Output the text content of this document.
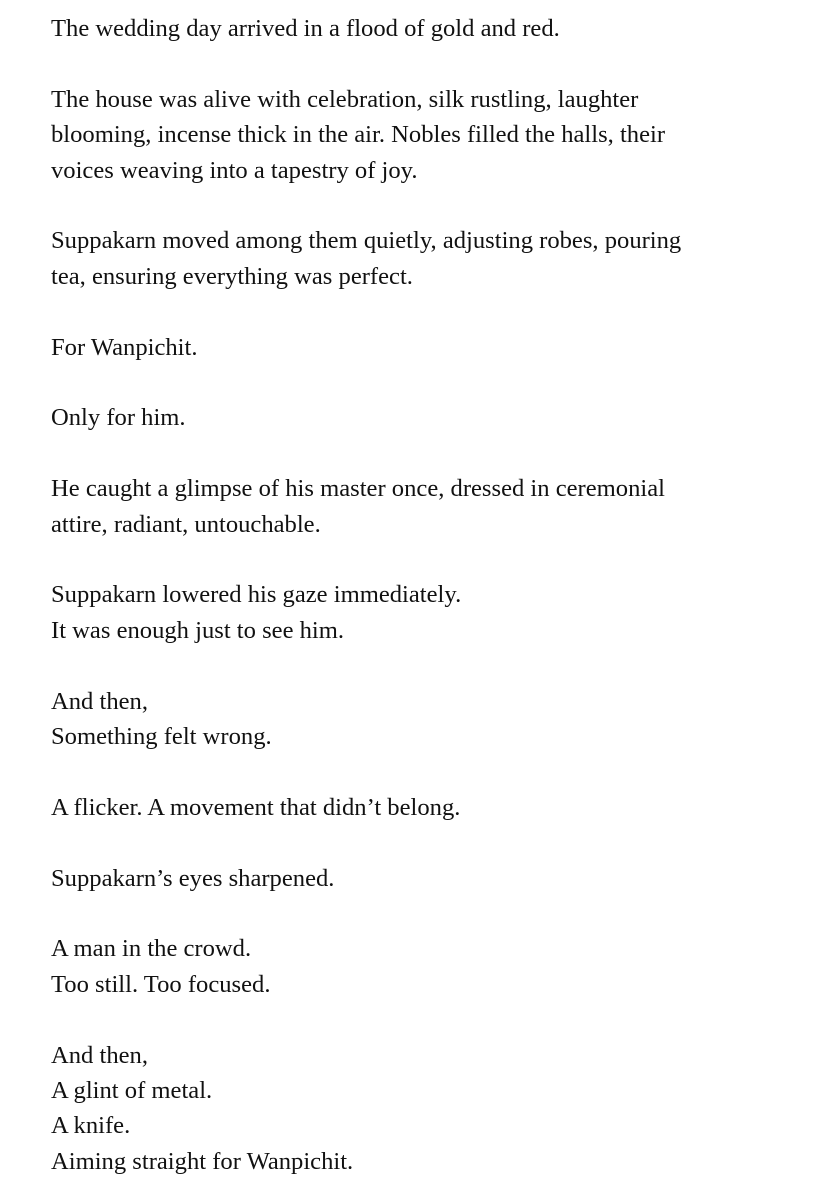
The wedding day arrived in a flood of gold and red.

The house was alive with celebration, silk rustling, laughter
blooming, incense thick in the air. Nobles filled the halls, their
voices weaving into a tapestry of joy.

Suppakarn moved among them quietly, adjusting robes, pouring
tea, ensuring everything was perfect.

For Wanpichit.

Only for him.

He caught a glimpse of his master once, dressed in ceremonial
attire, radiant, untouchable.

Suppakarn lowered his gaze immediately.
It was enough just to see him.

And then,
Something felt wrong.

A flicker. A movement that didn’t belong.

Suppakarn’s eyes sharpened.

A man in the crowd.
Too still. Too focused.

And then,
A glint of metal.
A knife.
Aiming straight for Wanpichit.
